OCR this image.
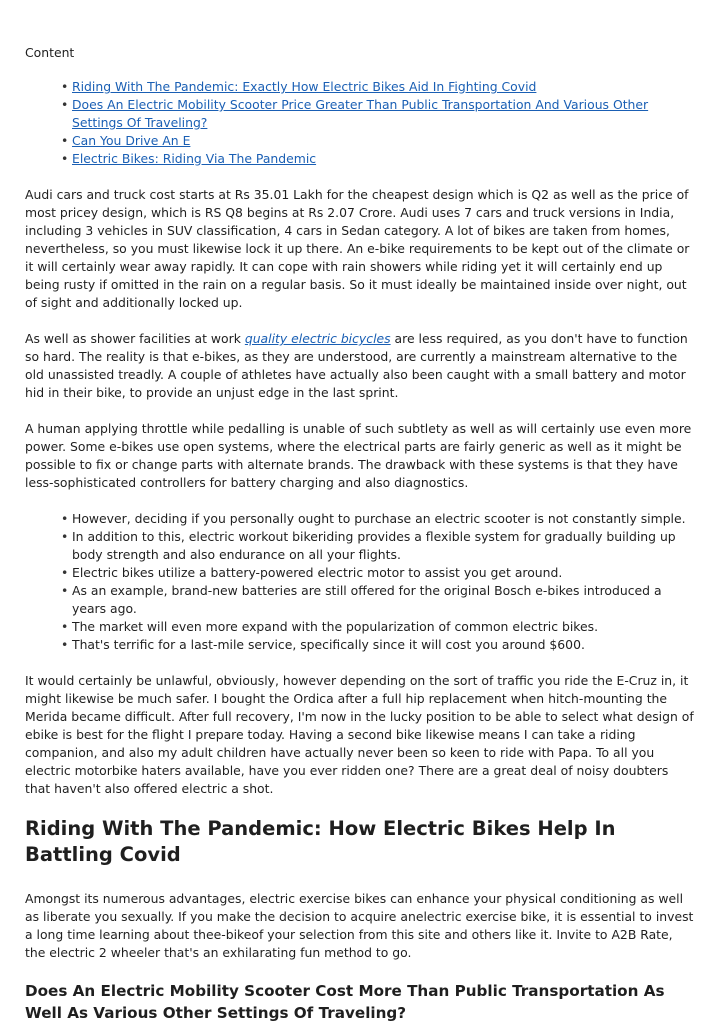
Content
• Riding With The Pandemic: Exactly How Electric Bikes Aid In Fighting Covid
• Does An Electric Mobility Scooter Price Greater Than Public Transportation And Various Other Settings Of Traveling?
• Can You Drive An E
• Electric Bikes: Riding Via The Pandemic

Audi cars and truck cost starts at Rs 35.01 Lakh for the cheapest design which is Q2 as well as the price of most pricey design, which is RS Q8 begins at Rs 2.07 Crore. Audi uses 7 cars and truck versions in India, including 3 vehicles in SUV classification, 4 cars in Sedan category. A lot of bikes are taken from homes, nevertheless, so you must likewise lock it up there. An e-bike requirements to be kept out of the climate or it will certainly wear away rapidly. It can cope with rain showers while riding yet it will certainly end up being rusty if omitted in the rain on a regular basis. So it must ideally be maintained inside over night, out of sight and additionally locked up.

As well as shower facilities at work quality electric bicycles are less required, as you don't have to function so hard. The reality is that e-bikes, as they are understood, are currently a mainstream alternative to the old unassisted treadly. A couple of athletes have actually also been caught with a small battery and motor hid in their bike, to provide an unjust edge in the last sprint.

A human applying throttle while pedalling is unable of such subtlety as well as will certainly use even more power. Some e-bikes use open systems, where the electrical parts are fairly generic as well as it might be possible to fix or change parts with alternate brands. The drawback with these systems is that they have less-sophisticated controllers for battery charging and also diagnostics.

• However, deciding if you personally ought to purchase an electric scooter is not constantly simple.
• In addition to this, electric workout bikeriding provides a flexible system for gradually building up body strength and also endurance on all your flights.
• Electric bikes utilize a battery-powered electric motor to assist you get around.
• As an example, brand-new batteries are still offered for the original Bosch e-bikes introduced a years ago.
• The market will even more expand with the popularization of common electric bikes.
• That's terrific for a last-mile service, specifically since it will cost you around $600.

It would certainly be unlawful, obviously, however depending on the sort of traffic you ride the E-Cruz in, it might likewise be much safer. I bought the Ordica after a full hip replacement when hitch-mounting the Merida became difficult. After full recovery, I'm now in the lucky position to be able to select what design of ebike is best for the flight I prepare today. Having a second bike likewise means I can take a riding companion, and also my adult children have actually never been so keen to ride with Papa. To all you electric motorbike haters available, have you ever ridden one? There are a great deal of noisy doubters that haven't also offered electric a shot.

Riding With The Pandemic: How Electric Bikes Help In Battling Covid

Amongst its numerous advantages, electric exercise bikes can enhance your physical conditioning as well as liberate you sexually. If you make the decision to acquire anelectric exercise bike, it is essential to invest a long time learning about thee-bikeof your selection from this site and others like it. Invite to A2B Rate, the electric 2 wheeler that's an exhilarating fun method to go.

Does An Electric Mobility Scooter Cost More Than Public Transportation As Well As Various Other Settings Of Traveling?
